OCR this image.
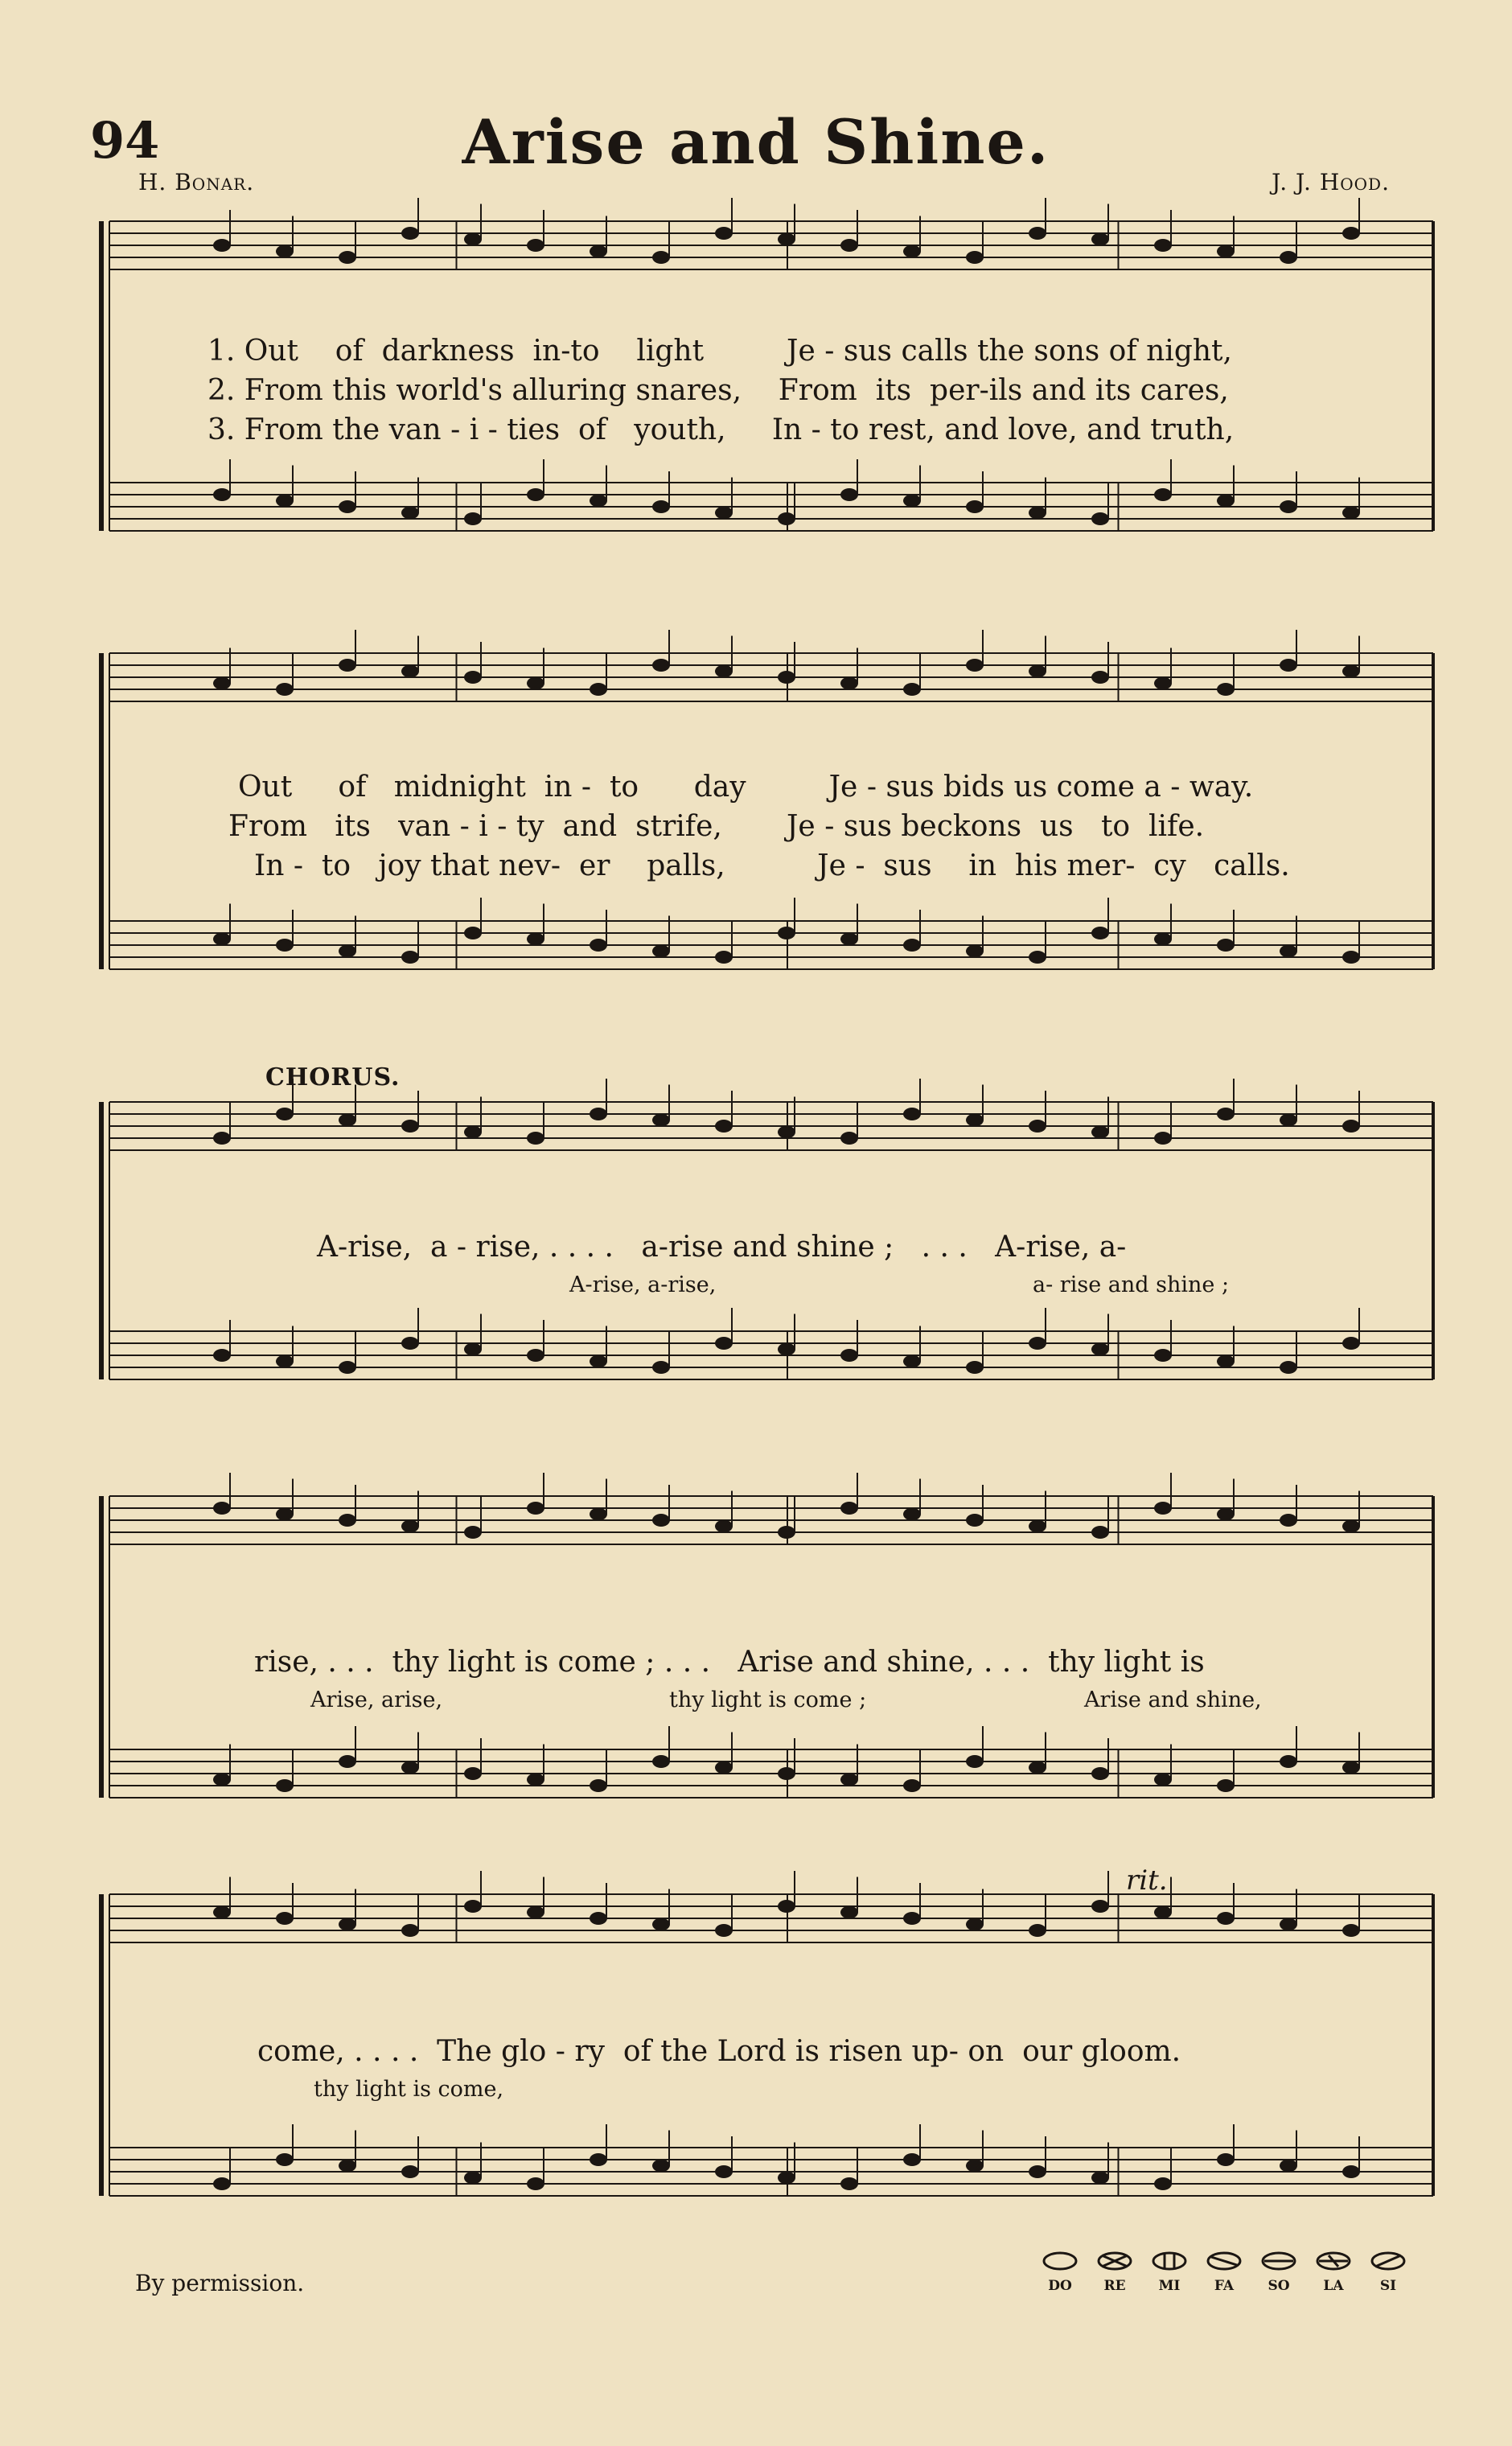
94	Arise and Shine.
H. Bonar.	J. J. Hood.
1. Out of darkness in-to light	Je - sus calls the sons of night,
2. From this world's alluring snares, From its per-ils and its cares,
3. From the van - i - ties of youth, In - to rest, and love, and truth,
Out of midnight in - to day	Je - sus bids us come a - way.
From its van - i - ty and strife, Je - sus beckons us to life.
In - to joy that nev- er palls,	Je - sus in his mer- cy calls.
CHORUS.
A-rise,  a - rise, . . . .   a-rise and shine ;   . . .   A-rise, a-
A-rise, a-rise,	a- rise and shine ;
rise, . . .  thy light is come ; . . .   Arise and shine, . . .  thy light is
Arise, arise,	thy light is come ;	Arise and shine,
rit.
come, . . . .  The glo - ry  of the Lord is risen up- on  our gloom.
thy light is come,
By permission.	DO	RE	MI	FA	SO	LA	SI
